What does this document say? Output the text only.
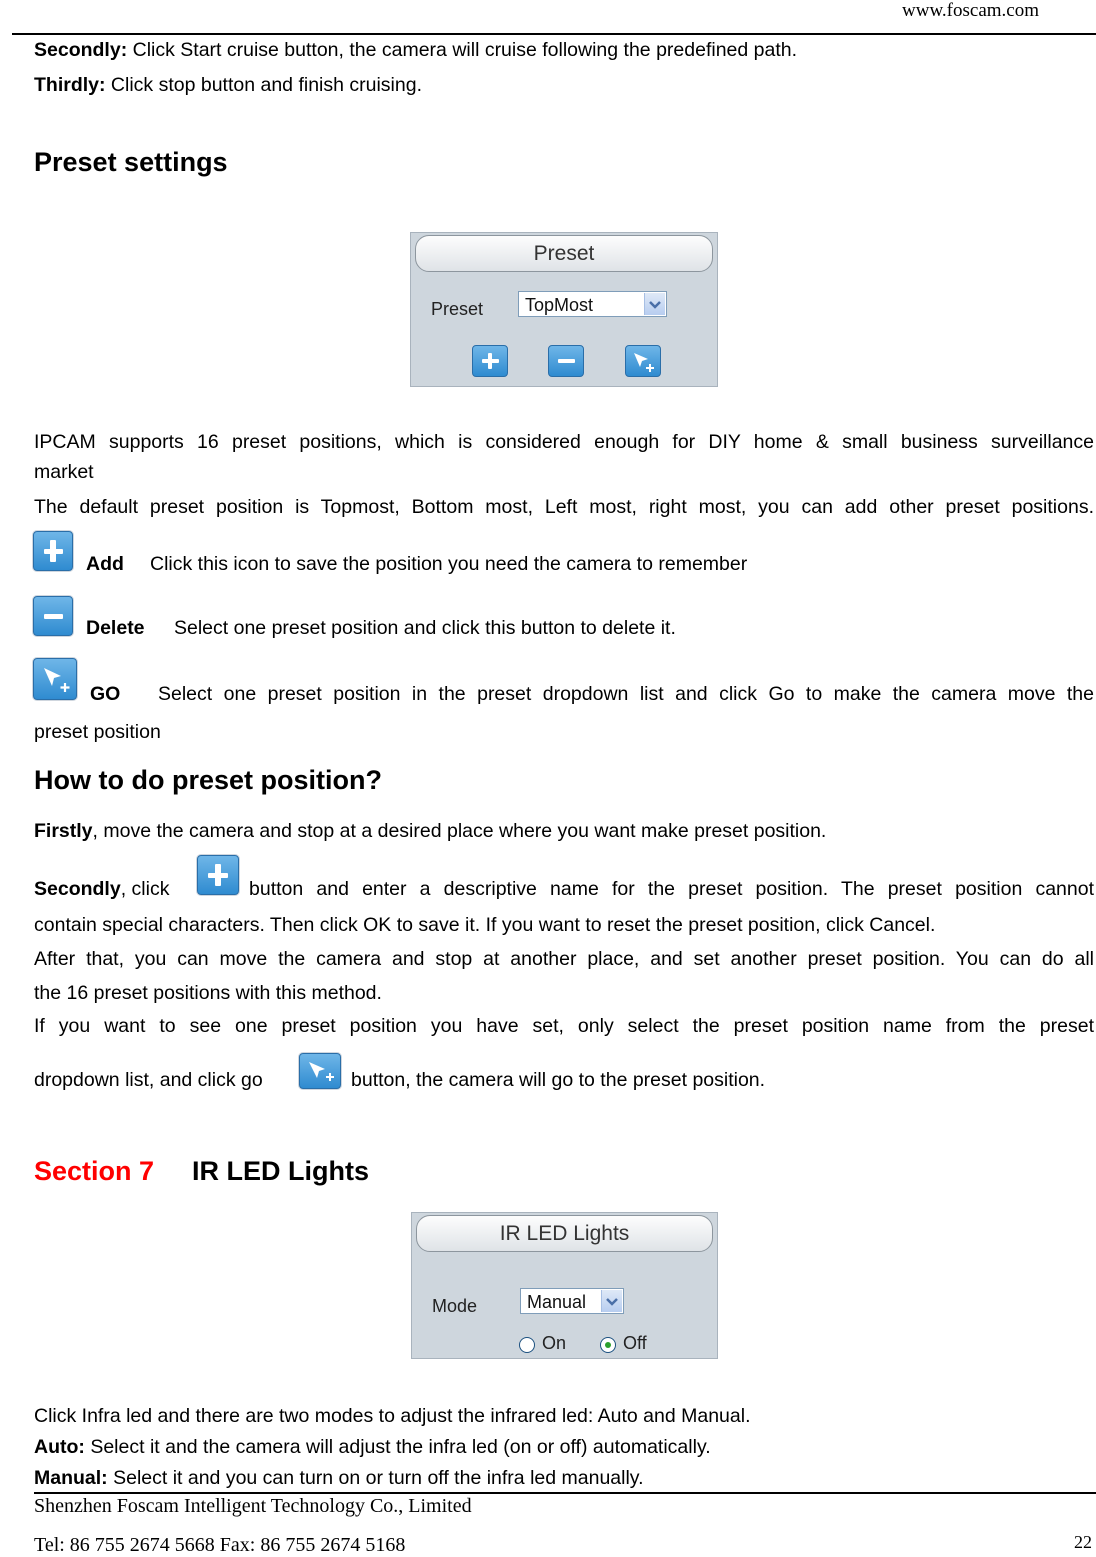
www.foscam.com
Secondly: Click Start cruise button, the camera will cruise following the predefined path.
Thirdly: Click stop button and finish cruising.
Preset settings
Preset
Preset	TopMost
IPCAM supports 16 preset positions, which is considered enough for DIY home & small business surveillance
market
The default preset position is Topmost, Bottom most, Left most, right most, you can add other preset positions.
Add Click this icon to save the position you need the camera to remember
Delete Select one preset position and click this button to delete it.
GO Select one preset position in the preset dropdown list and click Go to make the camera move the
preset position
How to do preset position?
Firstly, move the camera and stop at a desired place where you want make preset position.
Secondly, click	button and enter a descriptive name for the preset position. The preset position cannot
contain special characters. Then click OK to save it. If you want to reset the preset position, click Cancel.
After that, you can move the camera and stop at another place, and set another preset position. You can do all
the 16 preset positions with this method.
If you want to see one preset position you have set, only select the preset position name from the preset
dropdown list, and click go	button, the camera will go to the preset position.
Section 7 IR LED Lights
IR LED Lights
Mode	Manual
On	Off
Click Infra led and there are two modes to adjust the infrared led: Auto and Manual.
Auto: Select it and the camera will adjust the infra led (on or off) automatically.
Manual: Select it and you can turn on or turn off the infra led manually.
Shenzhen Foscam Intelligent Technology Co., Limited
Tel: 86 755 2674 5668 Fax: 86 755 2674 5168	22
